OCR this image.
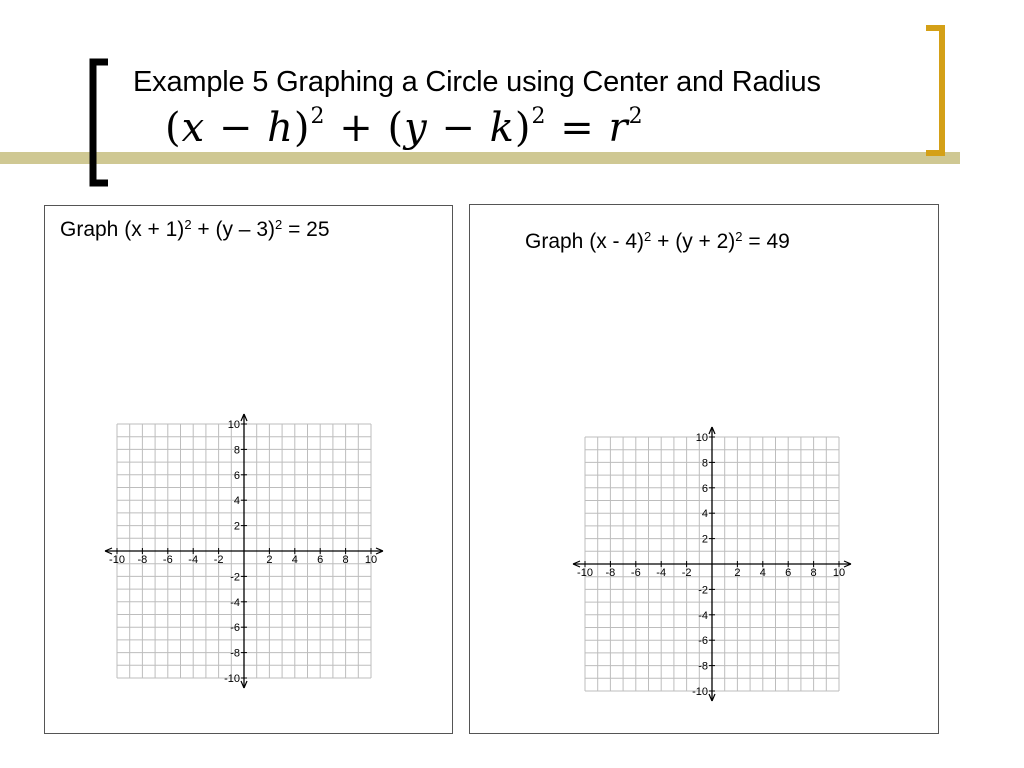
Example 5 Graphing a Circle using Center and Radius
$(x - h)^2 + (y - k)^2 = r^2$

Graph $(x + 1)^2 + (y - 3)^2 = 25$

Graph $(x - 4)^2 + (y + 2)^2 = 49$

-10 -8 -6 -4 -2	2 4 6 8 10
10
8
6
4
2
-2
-4
-6
-8
-10
-10 -8 -6 -4 -2	2 4 6 8 10
10
8
6
4
2
-2
-4
-6
-8
-10
